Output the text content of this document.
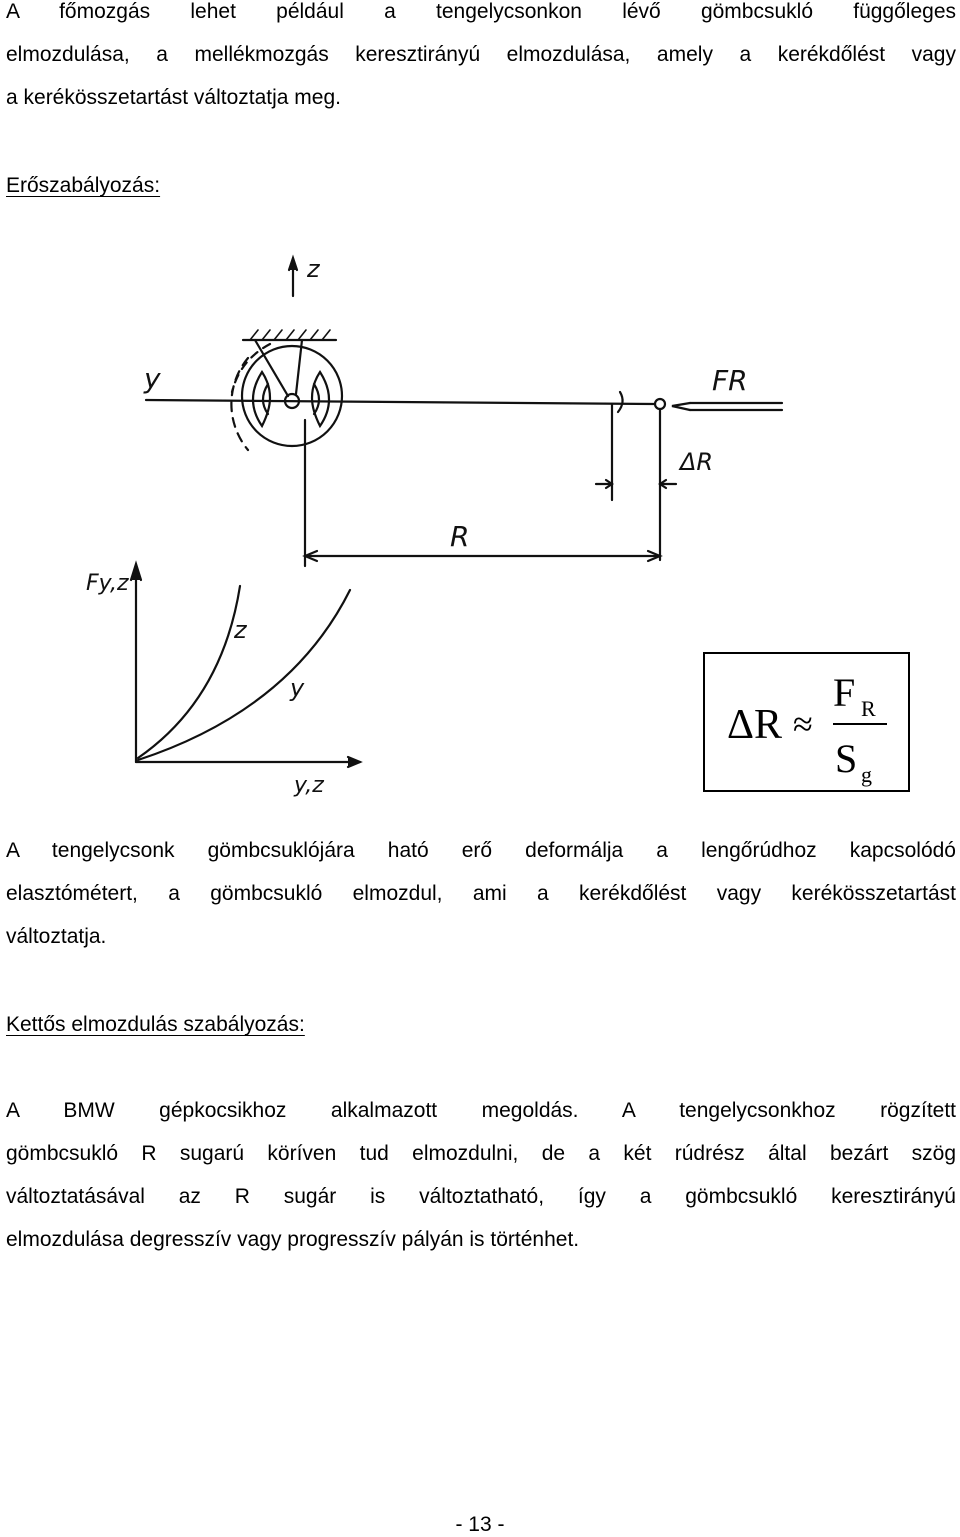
A főmozgás lehet például a tengelycsonkon lévő gömbcsukló függőleges
elmozdulása, a mellékmozgás keresztirányú elmozdulása, amely a kerékdőlést vagy
a kerékösszetartást változtatja meg.
Erőszabályozás:
z
y	FR
ΔR
R
Fy,z
z
y
y,z
ΔR ≈
F R
S g
A tengelycsonk gömbcsuklójára ható erő deformálja a lengőrúdhoz kapcsolódó
elasztómétert, a gömbcsukló elmozdul, ami a kerékdőlést vagy kerékösszetartást
változtatja.
Kettős elmozdulás szabályozás:
A BMW gépkocsikhoz alkalmazott megoldás. A tengelycsonkhoz rögzített
gömbcsukló R sugarú köríven tud elmozdulni, de a két rúdrész által bezárt szög
változtatásával az R sugár is változtatható, így a gömbcsukló keresztirányú
elmozdulása degresszív vagy progresszív pályán is történhet.
- 13 -
